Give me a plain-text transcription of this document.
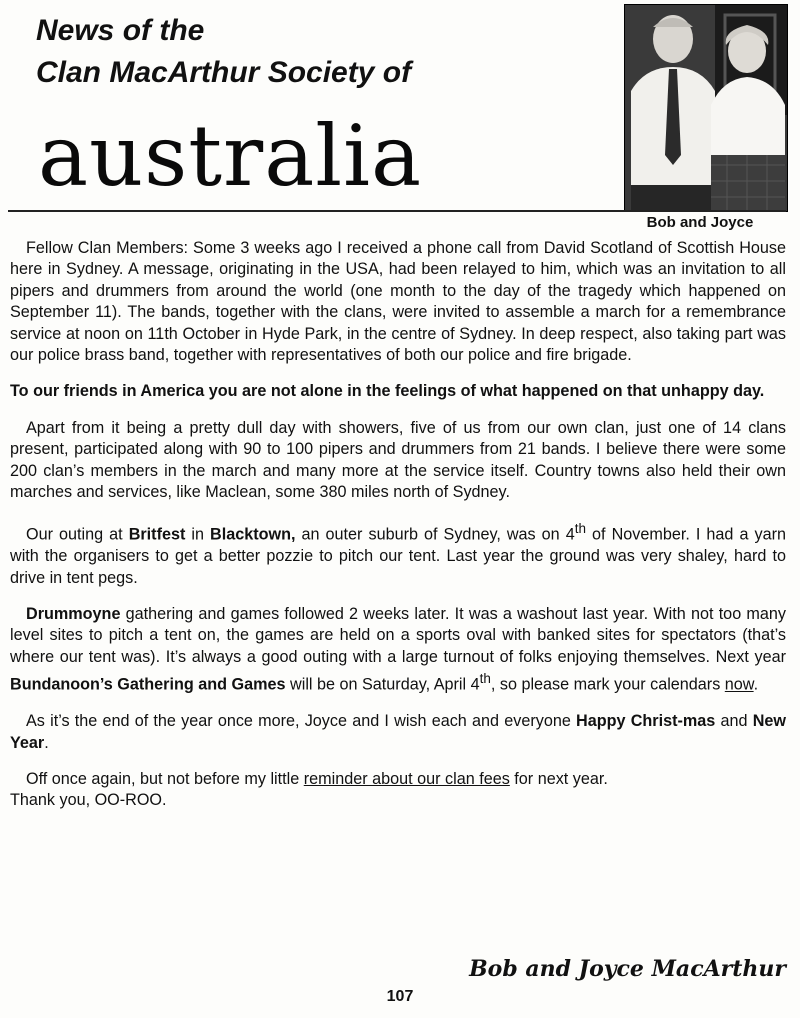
News of the
Clan MacArthur Society of
australia
Bob and Joyce

Fellow Clan Members: Some 3 weeks ago I received a phone call from David Scotland of Scottish House here in Sydney. A message, originating in the USA, had been relayed to him, which was an invitation to all pipers and drummers from around the world (one month to the day of the tragedy which happened on September 11). The bands, together with the clans, were invited to assemble a march for a remembrance service at noon on 11th October in Hyde Park, in the centre of Sydney. In deep respect, also taking part was our police brass band, together with representatives of both our police and fire brigade.

To our friends in America you are not alone in the feelings of what happened on that unhappy day.

Apart from it being a pretty dull day with showers, five of us from our own clan, just one of 14 clans present, participated along with 90 to 100 pipers and drummers from 21 bands. I believe there were some 200 clan’s members in the march and many more at the service itself. Country towns also held their own marches and services, like Maclean, some 380 miles north of Sydney.

Our outing at Britfest in Blacktown, an outer suburb of Sydney, was on 4th of November. I had a yarn with the organisers to get a better pozzie to pitch our tent. Last year the ground was very shaley, hard to drive in tent pegs.

Drummoyne gathering and games followed 2 weeks later. It was a washout last year. With not too many level sites to pitch a tent on, the games are held on a sports oval with banked sites for spectators (that’s where our tent was). It’s always a good outing with a large turnout of folks enjoying themselves. Next year Bundanoon’s Gathering and Games will be on Saturday, April 4th, so please mark your calendars now.

As it’s the end of the year once more, Joyce and I wish each and everyone Happy Christ-mas and New Year.

Off once again, but not before my little reminder about our clan fees for next year.
Thank you, OO-ROO.

Bob and Joyce MacArthur
107
